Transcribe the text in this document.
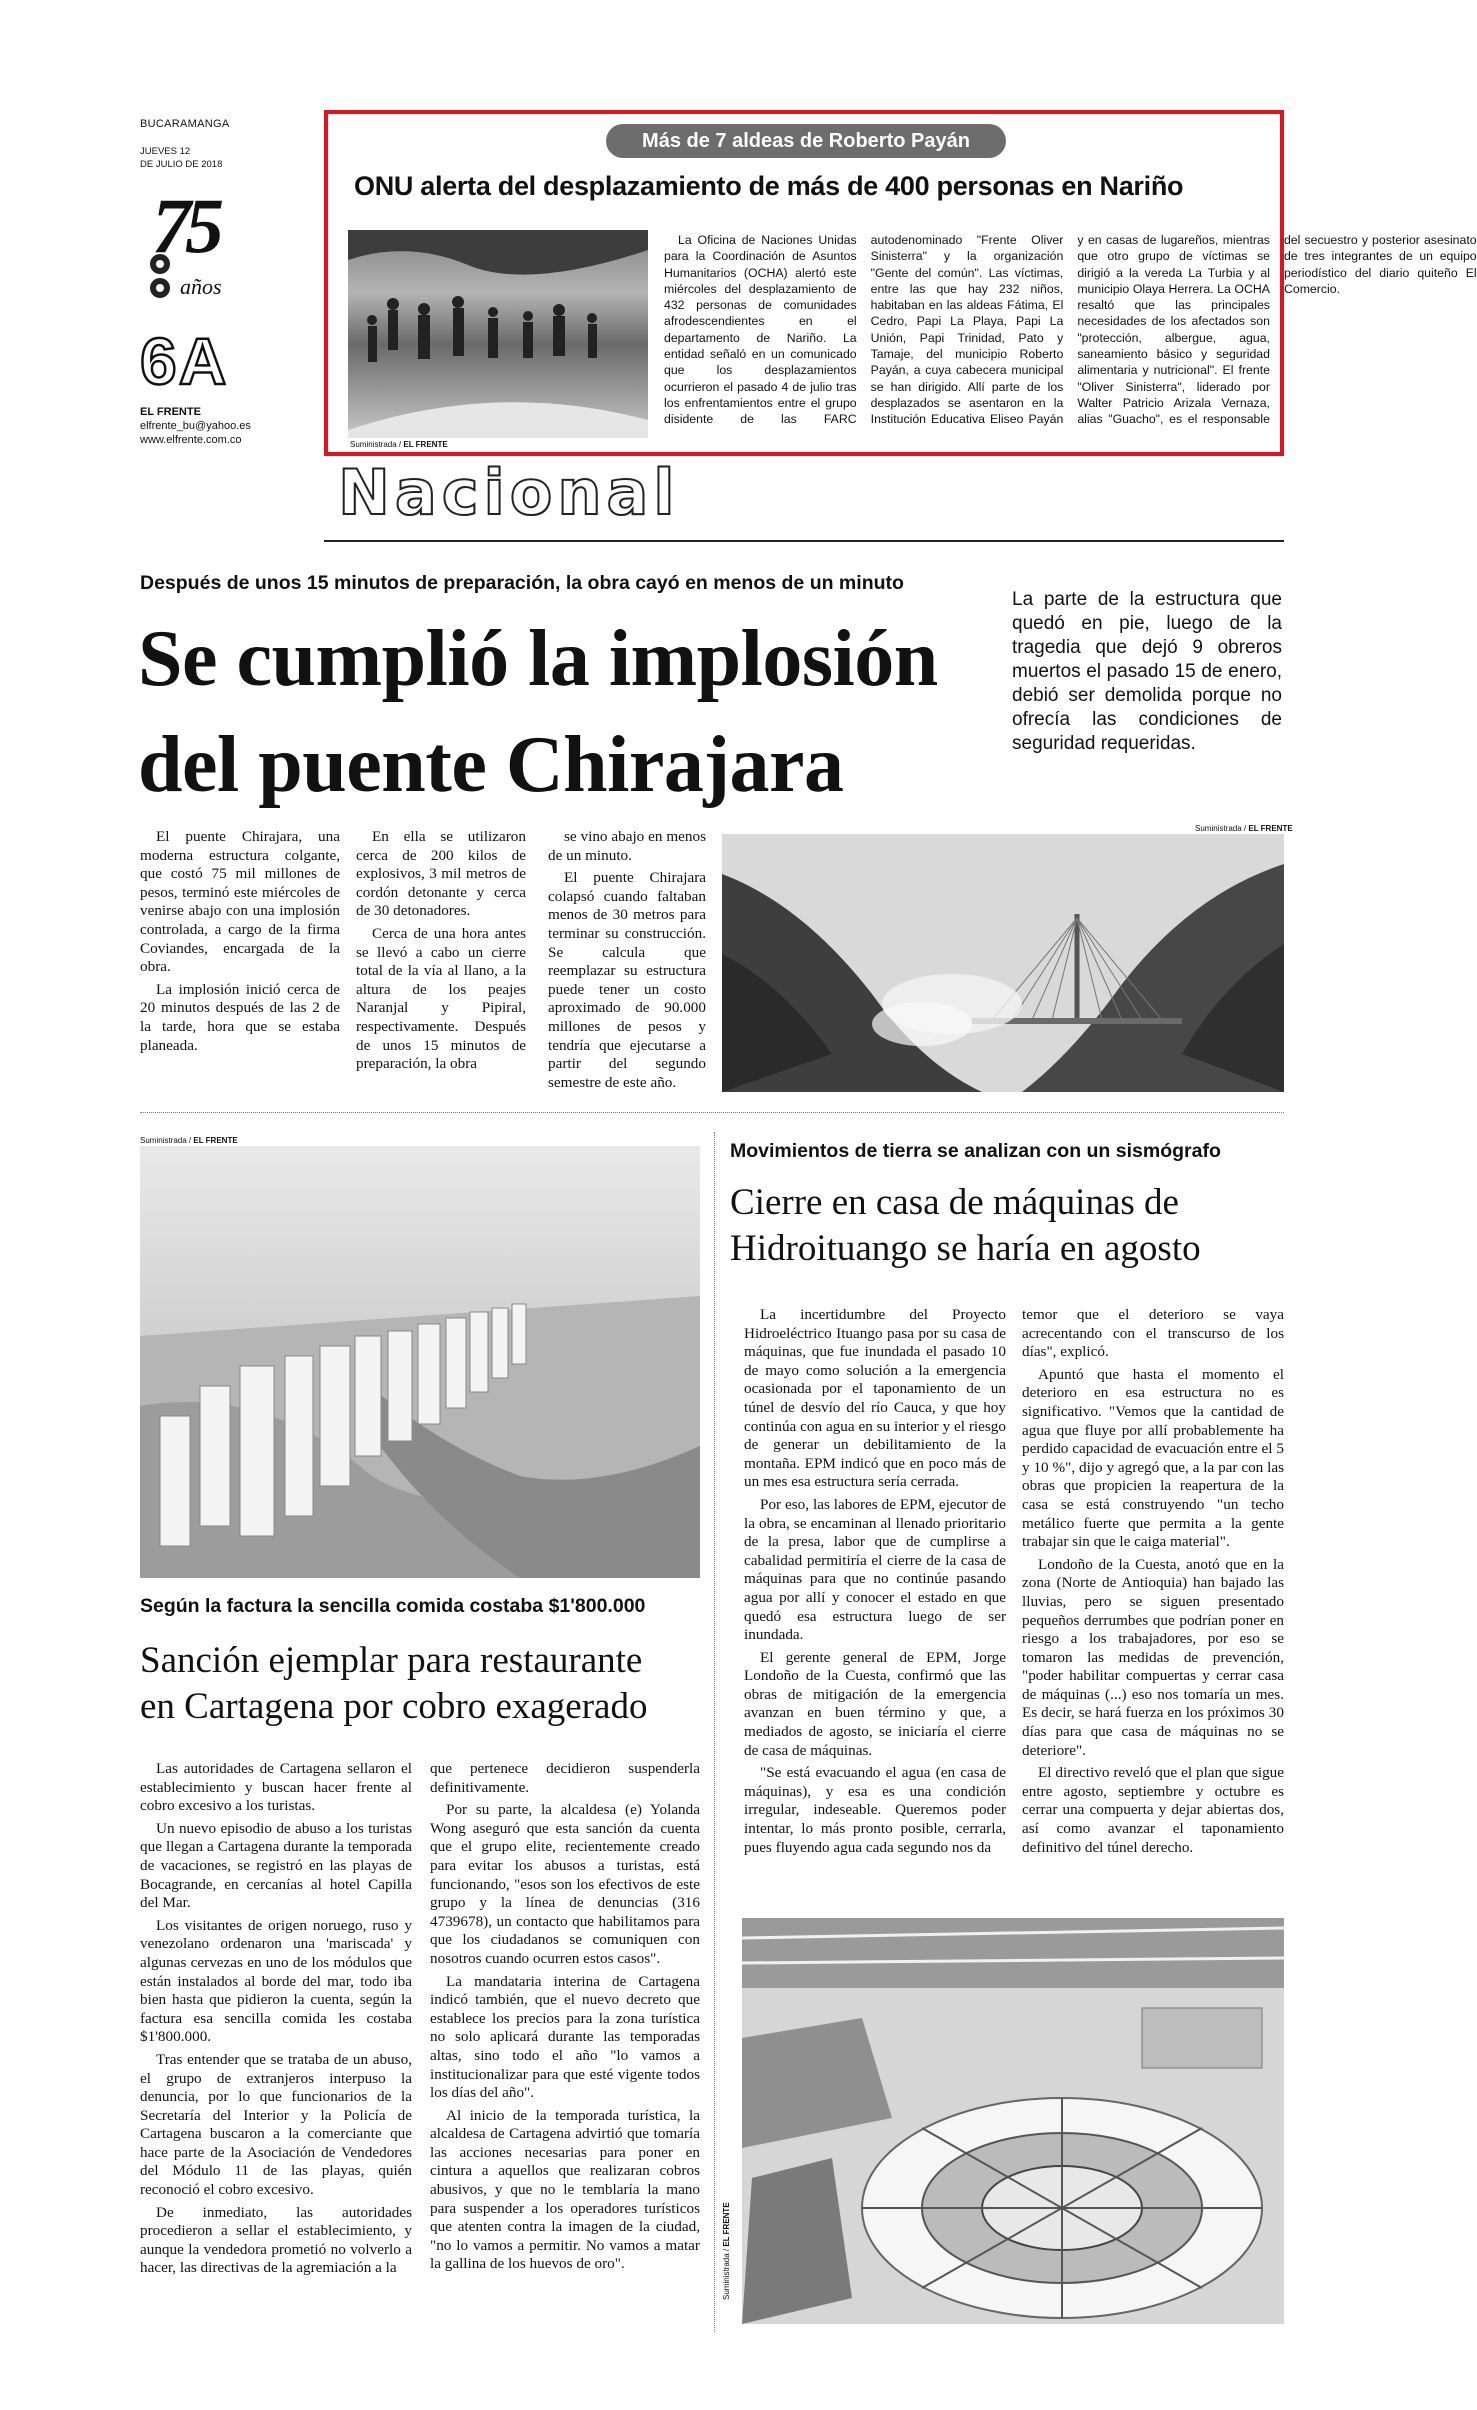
BUCARAMANGA
JUEVES 12
DE JULIO DE 2018
75
años
6A
EL FRENTE
elfrente_bu@yahoo.es
www.elfrente.com.co
Más de 7 aldeas de Roberto Payán
ONU alerta del desplazamiento de más de 400 personas en Nariño
Suministrada / EL FRENTE

La Oficina de Naciones Unidas para la Coordinación de Asuntos Humanitarios (OCHA) alertó este miércoles del desplazamiento de 432 personas de comunidades afrodescendientes en el departamento de Nariño. La entidad señaló en un comunicado que los desplazamientos ocurrieron el pasado 4 de julio tras los enfrentamientos entre el grupo disidente de las FARC autodenominado "Frente Oliver Sinisterra" y la organización "Gente del común". Las víctimas, entre las que hay 232 niños, habitaban en las aldeas Fátima, El Cedro, Papi La Playa, Papi La Unión, Papi Trinidad, Pato y Tamaje, del municipio Roberto Payán, a cuya cabecera municipal se han dirigido. Allí parte de los desplazados se asentaron en la Institución Educativa Eliseo Payán y en casas de lugareños, mientras que otro grupo de víctimas se dirigió a la vereda La Turbia y al municipio Olaya Herrera. La OCHA resaltó que las principales necesidades de los afectados son "protección, albergue, agua, saneamiento básico y seguridad alimentaria y nutricional". El frente "Oliver Sinisterra", liderado por Walter Patricio Arizala Vernaza, alias "Guacho", es el responsable del secuestro y posterior asesinato de tres integrantes de un equipo periodístico del diario quiteño El Comercio.

Nacional
Después de unos 15 minutos de preparación, la obra cayó en menos de un minuto
Se cumplió la implosión
del puente Chirajara
La parte de la estructura que quedó en pie, luego de la tragedia que dejó 9 obreros muertos el pasado 15 de enero, debió ser demolida porque no ofrecía las condiciones de seguridad requeridas.

El puente Chirajara, una moderna estructura colgante, que costó 75 mil millones de pesos, terminó este miércoles de venirse abajo con una implosión controlada, a cargo de la firma Coviandes, encargada de la obra.

La implosión inició cerca de 20 minutos después de las 2 de la tarde, hora que se estaba planeada.

En ella se utilizaron cerca de 200 kilos de explosivos, 3 mil metros de cordón detonante y cerca de 30 detonadores.

Cerca de una hora antes se llevó a cabo un cierre total de la vía al llano, a la altura de los peajes Naranjal y Pipiral, respectivamente. Después de unos 15 minutos de preparación, la obra

se vino abajo en menos de un minuto.

El puente Chirajara colapsó cuando faltaban menos de 30 metros para terminar su construcción. Se calcula que reemplazar su estructura puede tener un costo aproximado de 90.000 millones de pesos y tendría que ejecutarse a partir del segundo semestre de este año.

Suministrada / EL FRENTE
Suministrada / EL FRENTE
Según la factura la sencilla comida costaba $1'800.000
Sanción ejemplar para restaurante
en Cartagena por cobro exagerado

Las autoridades de Cartagena sellaron el establecimiento y buscan hacer frente al cobro excesivo a los turistas.

Un nuevo episodio de abuso a los turistas que llegan a Cartagena durante la temporada de vacaciones, se registró en las playas de Bocagrande, en cercanías al hotel Capilla del Mar.

Los visitantes de origen noruego, ruso y venezolano ordenaron una 'mariscada' y algunas cervezas en uno de los módulos que están instalados al borde del mar, todo iba bien hasta que pidieron la cuenta, según la factura esa sencilla comida les costaba $1'800.000.

Tras entender que se trataba de un abuso, el grupo de extranjeros interpuso la denuncia, por lo que funcionarios de la Secretaría del Interior y la Policía de Cartagena buscaron a la comerciante que hace parte de la Asociación de Vendedores del Módulo 11 de las playas, quién reconoció el cobro excesivo.

De inmediato, las autoridades procedieron a sellar el establecimiento, y aunque la vendedora prometió no volverlo a hacer, las directivas de la agremiación a la

que pertenece decidieron suspenderla definitivamente.

Por su parte, la alcaldesa (e) Yolanda Wong aseguró que esta sanción da cuenta que el grupo elite, recientemente creado para evitar los abusos a turistas, está funcionando, "esos son los efectivos de este grupo y la línea de denuncias (316 4739678), un contacto que habilitamos para que los ciudadanos se comuniquen con nosotros cuando ocurren estos casos".

La mandataria interina de Cartagena indicó también, que el nuevo decreto que establece los precios para la zona turística no solo aplicará durante las temporadas altas, sino todo el año "lo vamos a institucionalizar para que esté vigente todos los días del año".

Al inicio de la temporada turística, la alcaldesa de Cartagena advirtió que tomaría las acciones necesarias para poner en cintura a aquellos que realizaran cobros abusivos, y que no le temblaría la mano para suspender a los operadores turísticos que atenten contra la imagen de la ciudad, "no lo vamos a permitir. No vamos a matar la gallina de los huevos de oro".

Movimientos de tierra se analizan con un sismógrafo
Cierre en casa de máquinas de
Hidroituango se haría en agosto

La incertidumbre del Proyecto Hidroeléctrico Ituango pasa por su casa de máquinas, que fue inundada el pasado 10 de mayo como solución a la emergencia ocasionada por el taponamiento de un túnel de desvío del río Cauca, y que hoy continúa con agua en su interior y el riesgo de generar un debilitamiento de la montaña. EPM indicó que en poco más de un mes esa estructura sería cerrada.

Por eso, las labores de EPM, ejecutor de la obra, se encaminan al llenado prioritario de la presa, labor que de cumplirse a cabalidad permitiría el cierre de la casa de máquinas para que no continúe pasando agua por allí y conocer el estado en que quedó esa estructura luego de ser inundada.

El gerente general de EPM, Jorge Londoño de la Cuesta, confirmó que las obras de mitigación de la emergencia avanzan en buen término y que, a mediados de agosto, se iniciaría el cierre de casa de máquinas.

"Se está evacuando el agua (en casa de máquinas), y esa es una condición irregular, indeseable. Queremos poder intentar, lo más pronto posible, cerrarla, pues fluyendo agua cada segundo nos da

temor que el deterioro se vaya acrecentando con el transcurso de los días", explicó.

Apuntó que hasta el momento el deterioro en esa estructura no es significativo. "Vemos que la cantidad de agua que fluye por allí probablemente ha perdido capacidad de evacuación entre el 5 y 10 %", dijo y agregó que, a la par con las obras que propicien la reapertura de la casa se está construyendo "un techo metálico fuerte que permita a la gente trabajar sin que le caiga material".

Londoño de la Cuesta, anotó que en la zona (Norte de Antioquia) han bajado las lluvias, pero se siguen presentado pequeños derrumbes que podrían poner en riesgo a los trabajadores, por eso se tomaron las medidas de prevención, "poder habilitar compuertas y cerrar casa de máquinas (...) eso nos tomaría un mes. Es decir, se hará fuerza en los próximos 30 días para que casa de máquinas no se deteriore".

El directivo reveló que el plan que sigue entre agosto, septiembre y octubre es cerrar una compuerta y dejar abiertas dos, así como avanzar el taponamiento definitivo del túnel derecho.

Suministrada / EL FRENTE
